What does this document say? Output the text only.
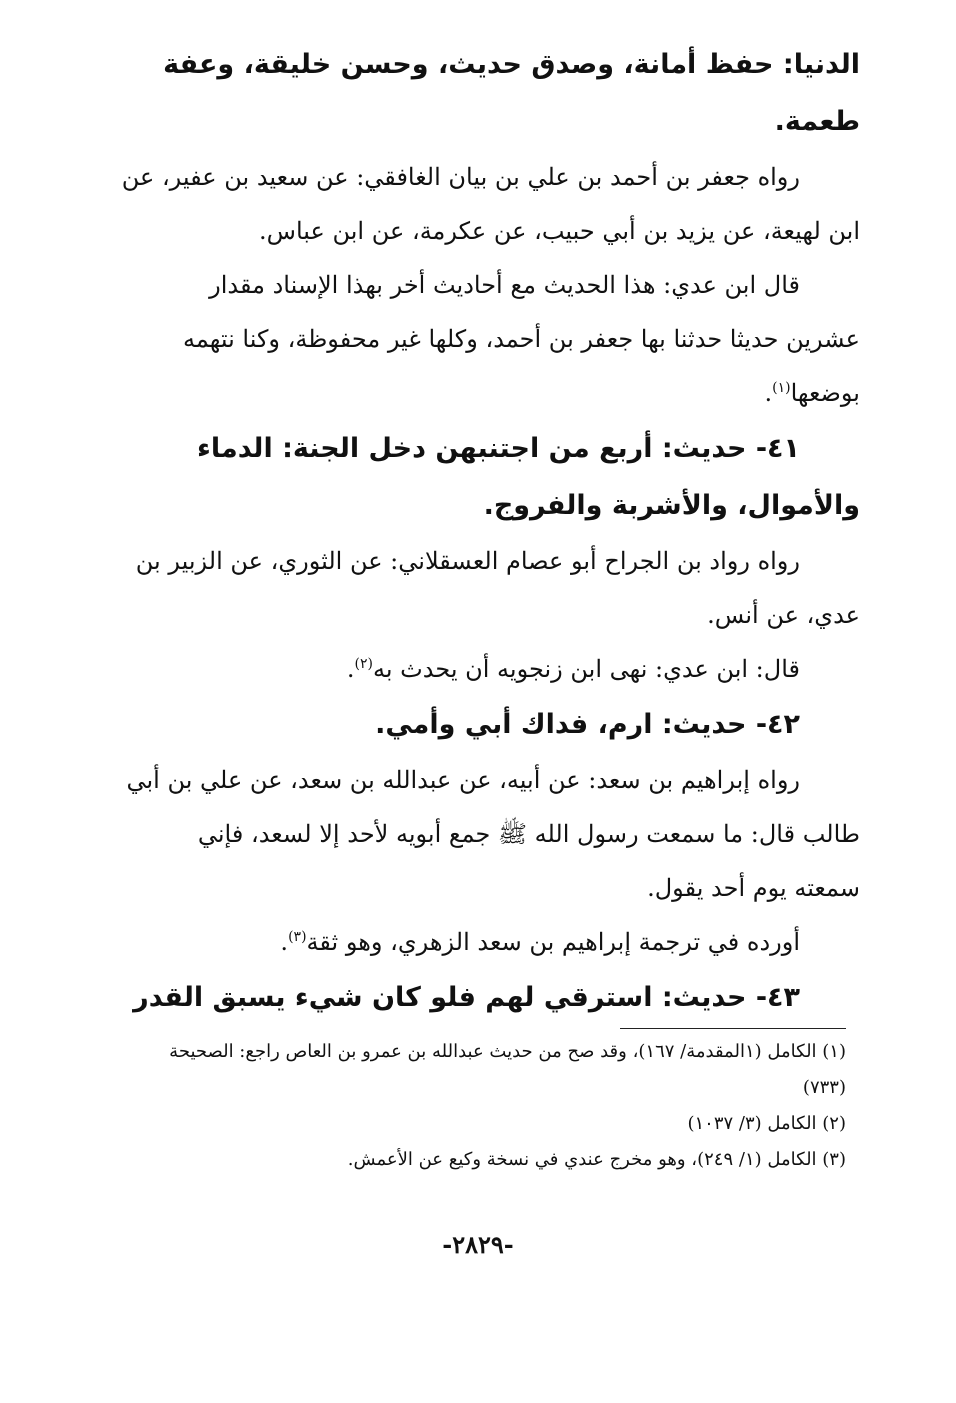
الدنيا: حفظ أمانة، وصدق حديث، وحسن خليقة، وعفة

طعمة.

رواه جعفر بن أحمد بن علي بن بيان الغافقي: عن سعيد بن عفير، عن

ابن لهيعة، عن يزيد بن أبي حبيب، عن عكرمة، عن ابن عباس.

قال ابن عدي: هذا الحديث مع أحاديث أخر بهذا الإسناد مقدار

عشرين حديثا حدثنا بها جعفر بن أحمد، وكلها غير محفوظة، وكنا نتهمه

بوضعها$^{(١)}$.

٤١- حديث: أربع من اجتنبهن دخل الجنة: الدماء

والأموال، والأشربة والفروج.

رواه رواد بن الجراح أبو عصام العسقلاني: عن الثوري، عن الزبير بن

عدي، عن أنس.

قال: ابن عدي: نهى ابن زنجويه أن يحدث به$^{(٢)}$.

٤٢- حديث: ارم، فداك أبي وأمي.

رواه إبراهيم بن سعد: عن أبيه، عن عبدالله بن سعد، عن علي بن أبي

طالب قال: ما سمعت رسول الله ﷺ جمع أبويه لأحد إلا لسعد، فإني

سمعته يوم أحد يقول.

أورده في ترجمة إبراهيم بن سعد الزهري، وهو ثقة$^{(٣)}$.

٤٣- حديث: استرقي لهم فلو كان شيء يسبق القدر

(١) الكامل (١المقدمة/ ١٦٧)، وقد صح من حديث عبدالله بن عمرو بن العاص راجع: الصحيحة

(٧٣٣)

(٢) الكامل (٣/ ١٠٣٧)

(٣) الكامل (١/ ٢٤٩)، وهو مخرج عندي في نسخة وكيع عن الأعمش.

-٢٨٢٩-
